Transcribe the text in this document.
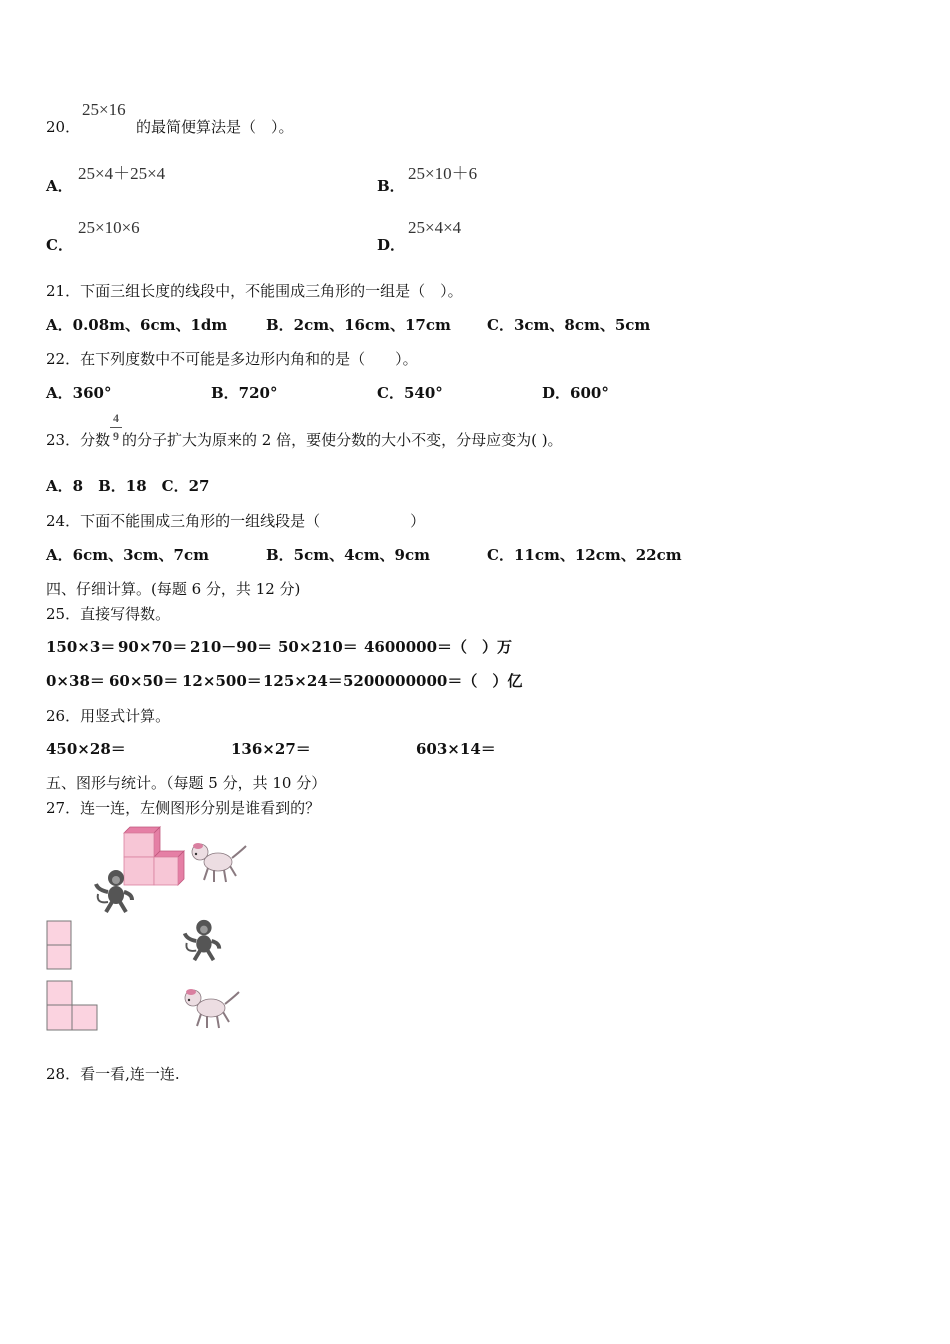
20．
25×16
的最简便算法是（　）。
A．
25×4＋25×4
B．
25×10＋6
C．
25×10×6
D．
25×4×4
21．下面三组长度的线段中，不能围成三角形的一组是（　）。
A．0.08m、6cm、1dm	B．2cm、16cm、17cm C．3cm、8cm、5cm
22．在下列度数中不可能是多边形内角和的是（　　）。
A．360°	B．720°	C．540°	D．600°
23．分数
4
9 的分子扩大为原来的 2 倍，要使分数的大小不变，分母应变为( )。
A．8　B．18　C．27
24．下面不能围成三角形的一组线段是（　　　　　　）
A．6cm、3cm、7cm	B．5cm、4cm、9cm	C．11cm、12cm、22cm
四、仔细计算。(每题 6 分，共 12 分)
25．直接写得数。
150×3＝ 90×70＝ 210－90＝ 50×210＝ 4600000＝（　）万
0×38＝ 60×50＝ 12×500＝ 125×24＝ 5200000000＝（　）亿
26．用竖式计算。
450×28＝	136×27＝	603×14＝
五、图形与统计。（每题 5 分，共 10 分）
27．连一连，左侧图形分别是谁看到的？
28．看一看,连一连.
